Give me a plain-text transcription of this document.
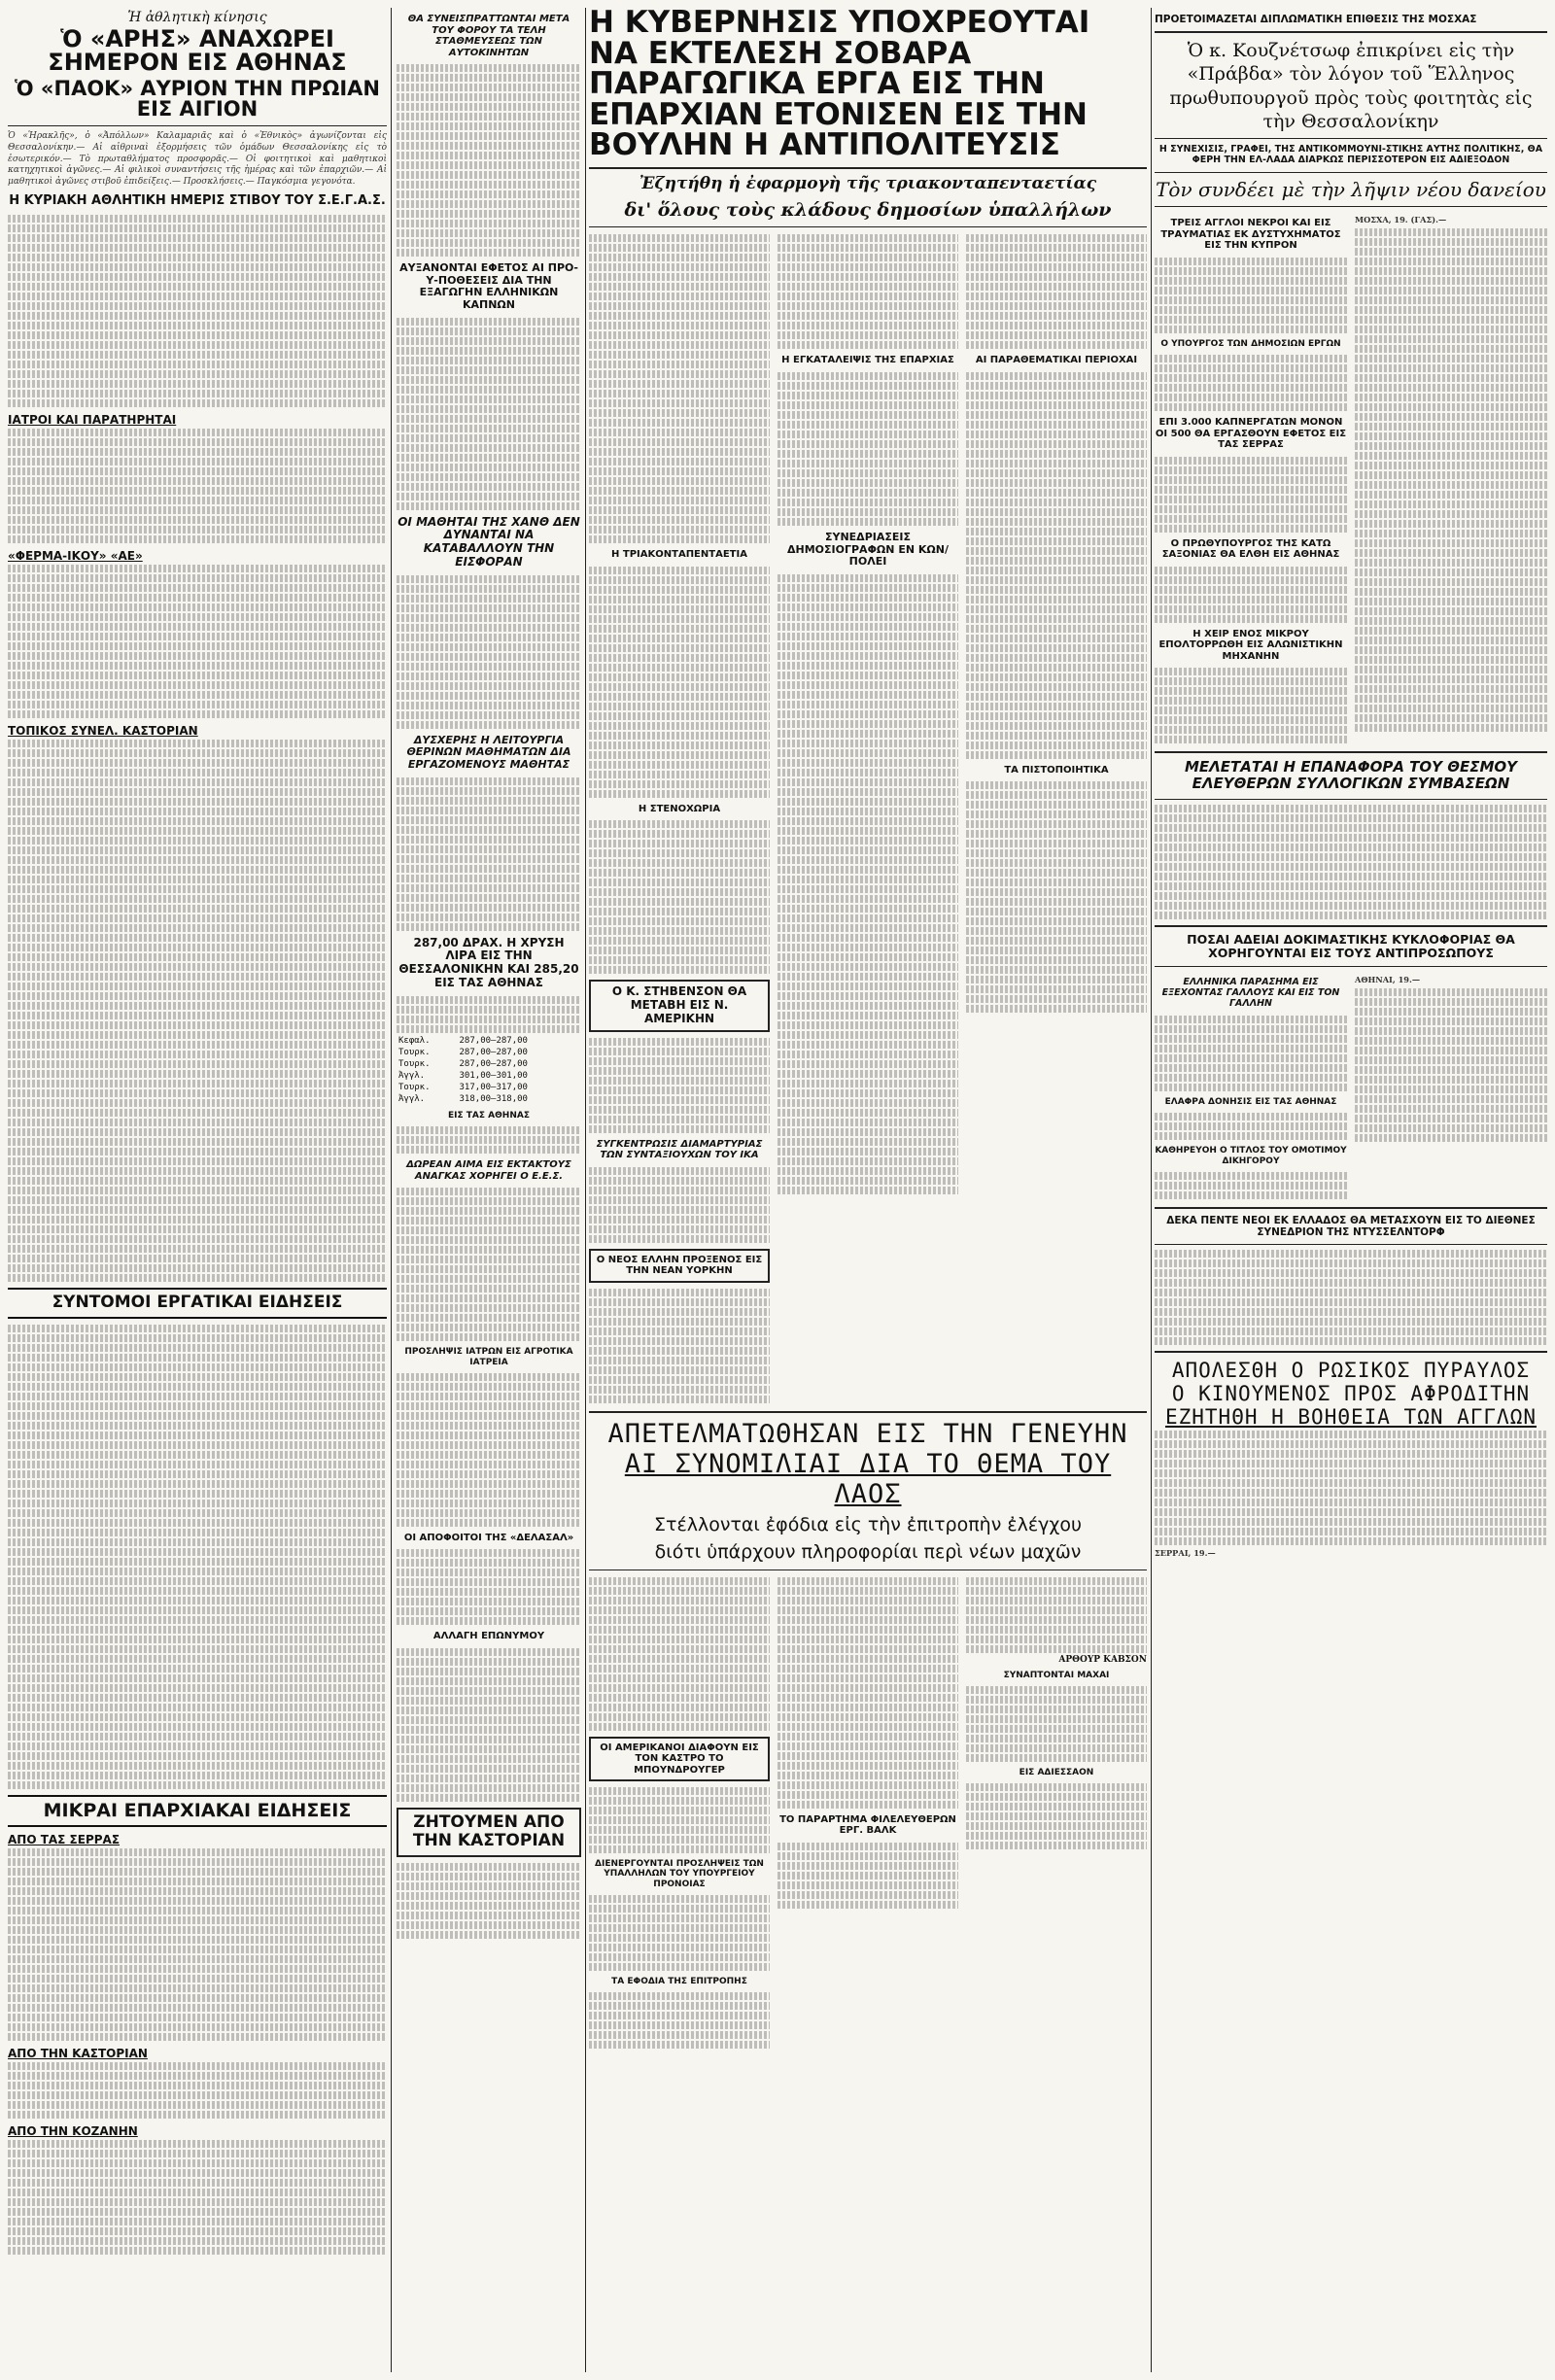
Ἡ ἀθλητικὴ κίνησις
Ὁ «ΑΡΗΣ» ΑΝΑΧΩΡΕΙ ΣΗΜΕΡΟΝ ΕΙΣ ΑΘΗΝΑΣ
Ὁ «ΠΑΟΚ» ΑΥΡΙΟΝ ΤΗΝ ΠΡΩΙΑΝ ΕΙΣ ΑΙΓΙΟΝ
Ὁ «Ἡρακλῆς», ὁ «Ἀπόλλων» Καλαμαριᾶς καὶ ὁ «Ἐθνικὸς» ἀγωνίζονται εἰς Θεσσαλονίκην.— Αἱ αἰθριναὶ ἐξορμήσεις τῶν ὁμάδων Θεσσαλονίκης εἰς τὸ ἐσωτερικόν.— Τὸ πρωταθλήματος προσφορᾶς.— Οἱ φοιτητικοὶ καὶ μαθητικοὶ κατηχητικοὶ ἀγῶνες.— Αἱ φιλικοὶ συναντήσεις τῆς ἡμέρας καὶ τῶν ἐπαρχιῶν.— Αἱ μαθητικοὶ ἀγῶνες στιβοῦ ἐπιδείξεις.— Προσκλήσεις.— Παγκόσμια γεγονότα.
Η ΚΥΡΙΑΚΗ ΑΘΛΗΤΙΚΗ ΗΜΕΡΙΣ ΣΤΙΒΟΥ ΤΟΥ Σ.Ε.Γ.Α.Σ.
ΙΑΤΡΟΙ ΚΑΙ ΠΑΡΑΤΗΡΗΤΑΙ
«ΦΕΡΜΑ-ΙΚΟΥ» «ΑΕ»
ΤΟΠΙΚΟΣ ΣΥΝΕΛ. ΚΑΣΤΟΡΙΑΝ
ΣΥΝΤΟΜΟΙ ΕΡΓΑΤΙΚΑΙ ΕΙΔΗΣΕΙΣ
ΜΙΚΡΑΙ ΕΠΑΡΧΙΑΚΑΙ ΕΙΔΗΣΕΙΣ
ΑΠΟ ΤΑΣ ΣΕΡΡΑΣ
ΑΠΟ ΤΗΝ ΚΑΣΤΟΡΙΑΝ
ΑΠΟ ΤΗΝ ΚΟΖΑΝΗΝ
ΘΑ ΣΥΝΕΙΣΠΡΑΤΤΩΝΤΑΙ ΜΕΤΑ ΤΟΥ ΦΟΡΟΥ ΤΑ ΤΕΛΗ ΣΤΑΘΜΕΥΣΕΩΣ ΤΩΝ ΑΥΤΟΚΙΝΗΤΩΝ
ΑΥΞΑΝΟΝΤΑΙ ΕΦΕΤΟΣ ΑΙ ΠΡΟ-Υ-ΠΟΘΕΣΕΙΣ ΔΙΑ ΤΗΝ ΕΞΑΓΩΓΗΝ ΕΛΛΗΝΙΚΩΝ ΚΑΠΝΩΝ
ΟΙ ΜΑΘΗΤΑΙ ΤΗΣ ΧΑΝΘ ΔΕΝ ΔΥΝΑΝΤΑΙ ΝΑ ΚΑΤΑΒΑΛΛΟΥΝ ΤΗΝ ΕΙΣΦΟΡΑΝ
ΔΥΣΧΕΡΗΣ Η ΛΕΙΤΟΥΡΓΙΑ ΘΕΡΙΝΩΝ ΜΑΘΗΜΑΤΩΝ ΔΙΑ ΕΡΓΑΖΟΜΕΝΟΥΣ ΜΑΘΗΤΑΣ
287,00 ΔΡΑΧ. Η ΧΡΥΣΗ ΛΙΡΑ ΕΙΣ ΤΗΝ ΘΕΣΣΑΛΟΝΙΚΗΝ ΚΑΙ 285,20 ΕΙΣ ΤΑΣ ΑΘΗΝΑΣ
Κεφαλ.	287,00—287,00
Τουρκ.	287,00—287,00
Τουρκ.	287,00—287,00
Ἀγγλ.	301,00—301,00
Τουρκ.	317,00—317,00
Ἀγγλ.	318,00—318,00
ΕΙΣ ΤΑΣ ΑΘΗΝΑΣ
ΔΩΡΕΑΝ ΑΙΜΑ ΕΙΣ ΕΚΤΑΚΤΟΥΣ ΑΝΑΓΚΑΣ ΧΟΡΗΓΕΙ Ο Ε.Ε.Σ.
ΠΡΟΣΛΗΨΙΣ ΙΑΤΡΩΝ ΕΙΣ ΑΓΡΟΤΙΚΑ ΙΑΤΡΕΙΑ
ΟΙ ΑΠΟΦΟΙΤΟΙ ΤΗΣ «ΔΕΛΑΣΑΛ»
ΑΛΛΑΓΗ ΕΠΩΝΥΜΟΥ
ΖΗΤΟΥΜΕΝ ΑΠΟ ΤΗΝ ΚΑΣΤΟΡΙΑΝ
Η ΚΥΒΕΡΝΗΣΙΣ ΥΠΟΧΡΕΟΥΤΑΙ ΝΑ ΕΚΤΕΛΕΣΗ ΣΟΒΑΡΑ ΠΑΡΑΓΩΓΙΚΑ ΕΡΓΑ ΕΙΣ ΤΗΝ ΕΠΑΡΧΙΑΝ ΕΤΟΝΙΣΕΝ ΕΙΣ ΤΗΝ ΒΟΥΛΗΝ Η ΑΝΤΙΠΟΛΙΤΕΥΣΙΣ
Ἐζητήθη ἡ ἐφαρμογὴ τῆς τριακονταπενταετίας
δι' ὅλους τοὺς κλάδους δημοσίων ὑπαλλήλων
Η ΤΡΙΑΚΟΝΤΑΠΕΝΤΑΕΤΙΑ
Η ΣΤΕΝΟΧΩΡΙΑ
Ο Κ. ΣΤΗΒΕΝΣΟΝ ΘΑ ΜΕΤΑΒΗ ΕΙΣ Ν. ΑΜΕΡΙΚΗΝ
ΣΥΓΚΕΝΤΡΩΣΙΣ ΔΙΑΜΑΡΤΥΡΙΑΣ ΤΩΝ ΣΥΝΤΑΞΙΟΥΧΩΝ ΤΟΥ ΙΚΑ
Ο ΝΕΟΣ ΕΛΛΗΝ ΠΡΟΞΕΝΟΣ ΕΙΣ ΤΗΝ ΝΕΑΝ ΥΟΡΚΗΝ
Η ΕΓΚΑΤΑΛΕΙΨΙΣ ΤΗΣ ΕΠΑΡΧΙΑΣ
ΣΥΝΕΔΡΙΑΣΕΙΣ ΔΗΜΟΣΙΟΓΡΑΦΩΝ ΕΝ ΚΩΝ/ΠΟΛΕΙ
ΑΙ ΠΑΡΑΘΕΜΑΤΙΚΑΙ ΠΕΡΙΟΧΑΙ
ΤΑ ΠΙΣΤΟΠΟΙΗΤΙΚΑ
ΑΠΕΤΕΛΜΑΤΩΘΗΣΑΝ ΕΙΣ ΤΗΝ ΓΕΝΕΥΗΝ
ΑΙ ΣΥΝΟΜΙΛΙΑΙ ΔΙΑ ΤΟ ΘΕΜΑ ΤΟΥ ΛΑΟΣ
Στέλλονται ἐφόδια εἰς τὴν ἐπιτροπὴν ἐλέγχου
διότι ὑπάρχουν πληροφορίαι περὶ νέων μαχῶν
ΟΙ ΑΜΕΡΙΚΑΝΟΙ ΔΙΑΦΟΥΝ ΕΙΣ ΤΟΝ ΚΑΣΤΡΟ ΤΟ ΜΠΟΥΝΔΡΟΥΓΕΡ
ΔΙΕΝΕΡΓΟΥΝΤΑΙ ΠΡΟΣΛΗΨΕΙΣ ΤΩΝ ΥΠΑΛΛΗΛΩΝ ΤΟΥ ΥΠΟΥΡΓΕΙΟΥ ΠΡΟΝΟΙΑΣ
ΤΑ ΕΦΟΔΙΑ ΤΗΣ ΕΠΙΤΡΟΠΗΣ
ΤΟ ΠΑΡΑΡΤΗΜΑ ΦΙΛΕΛΕΥΘΕΡΩΝ ΕΡΓ. ΒΑΛΚ
ΑΡΘΟΥΡ ΚΑΒΣΟΝ
ΣΥΝΑΠΤΟΝΤΑΙ ΜΑΧΑΙ
ΕΙΣ ΑΔΙΕΣΣΑΟΝ
ΠΡΟΕΤΟΙΜΑΖΕΤΑΙ ΔΙΠΛΩΜΑΤΙΚΗ ΕΠΙΘΕΣΙΣ ΤΗΣ ΜΟΣΧΑΣ
Ὁ κ. Κουζνέτσωφ ἐπικρίνει εἰς τὴν «Πράβδα» τὸν λόγον τοῦ Ἕλληνος πρωθυπουργοῦ πρὸς τοὺς φοιτητὰς εἰς τὴν Θεσσαλονίκην
Η ΣΥΝΕΧΙΣΙΣ, ΓΡΑΦΕΙ, ΤΗΣ ΑΝΤΙΚΟΜΜΟΥΝΙ-ΣΤΙΚΗΣ ΑΥΤΗΣ ΠΟΛΙΤΙΚΗΣ, ΘΑ ΦΕΡΗ ΤΗΝ ΕΛ-ΛΑΔΑ ΔΙΑΡΚΩΣ ΠΕΡΙΣΣΟΤΕΡΟΝ ΕΙΣ ΑΔΙΕΞΟΔΟΝ
Τὸν συνδέει μὲ τὴν λῆψιν νέου δανείου
ΤΡΕΙΣ ΑΓΓΛΟΙ ΝΕΚΡΟΙ ΚΑΙ ΕΙΣ ΤΡΑΥΜΑΤΙΑΣ ΕΚ ΔΥΣΤΥΧΗΜΑΤΟΣ ΕΙΣ ΤΗΝ ΚΥΠΡΟΝ
Ο ΥΠΟΥΡΓΟΣ ΤΩΝ ΔΗΜΟΣΙΩΝ ΕΡΓΩΝ
ΕΠΙ 3.000 ΚΑΠΝΕΡΓΑΤΩΝ ΜΟΝΟΝ ΟΙ 500 ΘΑ ΕΡΓΑΣΘΟΥΝ ΕΦΕΤΟΣ ΕΙΣ ΤΑΣ ΣΕΡΡΑΣ
Ο ΠΡΩΘΥΠΟΥΡΓΟΣ ΤΗΣ ΚΑΤΩ ΣΑΞΟΝΙΑΣ ΘΑ ΕΛΘΗ ΕΙΣ ΑΘΗΝΑΣ
Η ΧΕΙΡ ΕΝΟΣ ΜΙΚΡΟΥ ΕΠΟΛΤΟΡΡΩΘΗ ΕΙΣ ΑΛΩΝΙΣΤΙΚΗΝ ΜΗΧΑΝΗΝ
ΜΟΣΧΑ, 19. (ΓΑΣ).—
ΜΕΛΕΤΑΤΑΙ Η ΕΠΑΝΑΦΟΡΑ ΤΟΥ ΘΕΣΜΟΥ ΕΛΕΥΘΕΡΩΝ ΣΥΛΛΟΓΙΚΩΝ ΣΥΜΒΑΣΕΩΝ
ΠΟΣΑΙ ΑΔΕΙΑΙ ΔΟΚΙΜΑΣΤΙΚΗΣ ΚΥΚΛΟΦΟΡΙΑΣ ΘΑ ΧΟΡΗΓΟΥΝΤΑΙ ΕΙΣ ΤΟΥΣ ΑΝΤΙΠΡΟΣΩΠΟΥΣ
ΕΛΛΗΝΙΚΑ ΠΑΡΑΣΗΜΑ ΕΙΣ ΕΞΕΧΟΝΤΑΣ ΓΑΛΛΟΥΣ ΚΑΙ ΕΙΣ ΤΟΝ ΓΑΛΛΗΝ
ΕΛΑΦΡΑ ΔΟΝΗΣΙΣ ΕΙΣ ΤΑΣ ΑΘΗΝΑΣ
ΚΑΘΗΡΕΥΟΗ Ο ΤΙΤΛΟΣ ΤΟΥ ΟΜΟΤΙΜΟΥ ΔΙΚΗΓΟΡΟΥ
ΑΘΗΝΑΙ, 19.—
ΔΕΚΑ ΠΕΝΤΕ ΝΕΟΙ ΕΚ ΕΛΛΑΔΟΣ ΘΑ ΜΕΤΑΣΧΟΥΝ ΕΙΣ ΤΟ ΔΙΕΘΝΕΣ ΣΥΝΕΔΡΙΟΝ ΤΗΣ ΝΤΥΣΣΕΛΝΤΟΡΦ
ΑΠΟΛΕΣΘΗ Ο ΡΩΣΙΚΟΣ ΠΥΡΑΥΛΟΣ
Ο ΚΙΝΟΥΜΕΝΟΣ ΠΡΟΣ ΑΦΡΟΔΙΤΗΝ
ΕΖΗΤΗΘΗ Η ΒΟΗΘΕΙΑ ΤΩΝ ΑΓΓΛΩΝ
ΣΕΡΡΑΙ, 19.—
